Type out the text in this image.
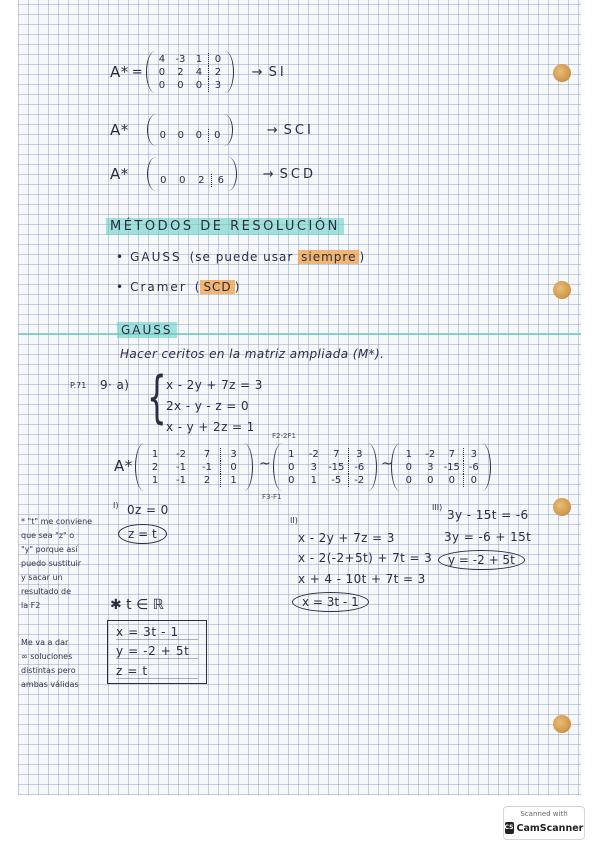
A* =
4	-3	1	0
0	2	4	2
0	0	0	3
→ SI
A*	0	0	0	0	→ SCI
A*	0	0	2	6	→ SCD
MÉTODOS DE RESOLUCIÓN
• GAUSS (se puede usar siempre )
• Cramer ( SCD )
GAUSS
Hacer ceritos en la matriz ampliada (M*).
P.71 9· a) { x - 2y + 7z = 3
2x - y - z = 0
x - y + 2z = 1
A*
1	-2	7	3
2	-1	-1	0
1	-1	2	1
~
F2-2F1
F3-F1
1	-2	7	3
0	3	-15 -6
0	1	-5	-2
~
1	-2	7	3
0	3	-15 -6
0	0	0	0
I) 0z = 0
z = t
II)
x - 2y + 7z = 3
x - 2(-2+5t) + 7t = 3
x + 4 - 10t + 7t = 3
x = 3t - 1
III)
3y - 15t = -6
3y = -6 + 15t
y = -2 + 5t
* "t" me conviene
que sea "z" o
"y" porque así
puedo sustituir
y sacar un
resultado de
la F2
Me va a dar
∞ soluciones
distintas pero
ambas válidas
✱ t ∈ ℝ
x = 3t - 1
y = -2 + 5t
z = t
Scanned with
CS CamScanner
